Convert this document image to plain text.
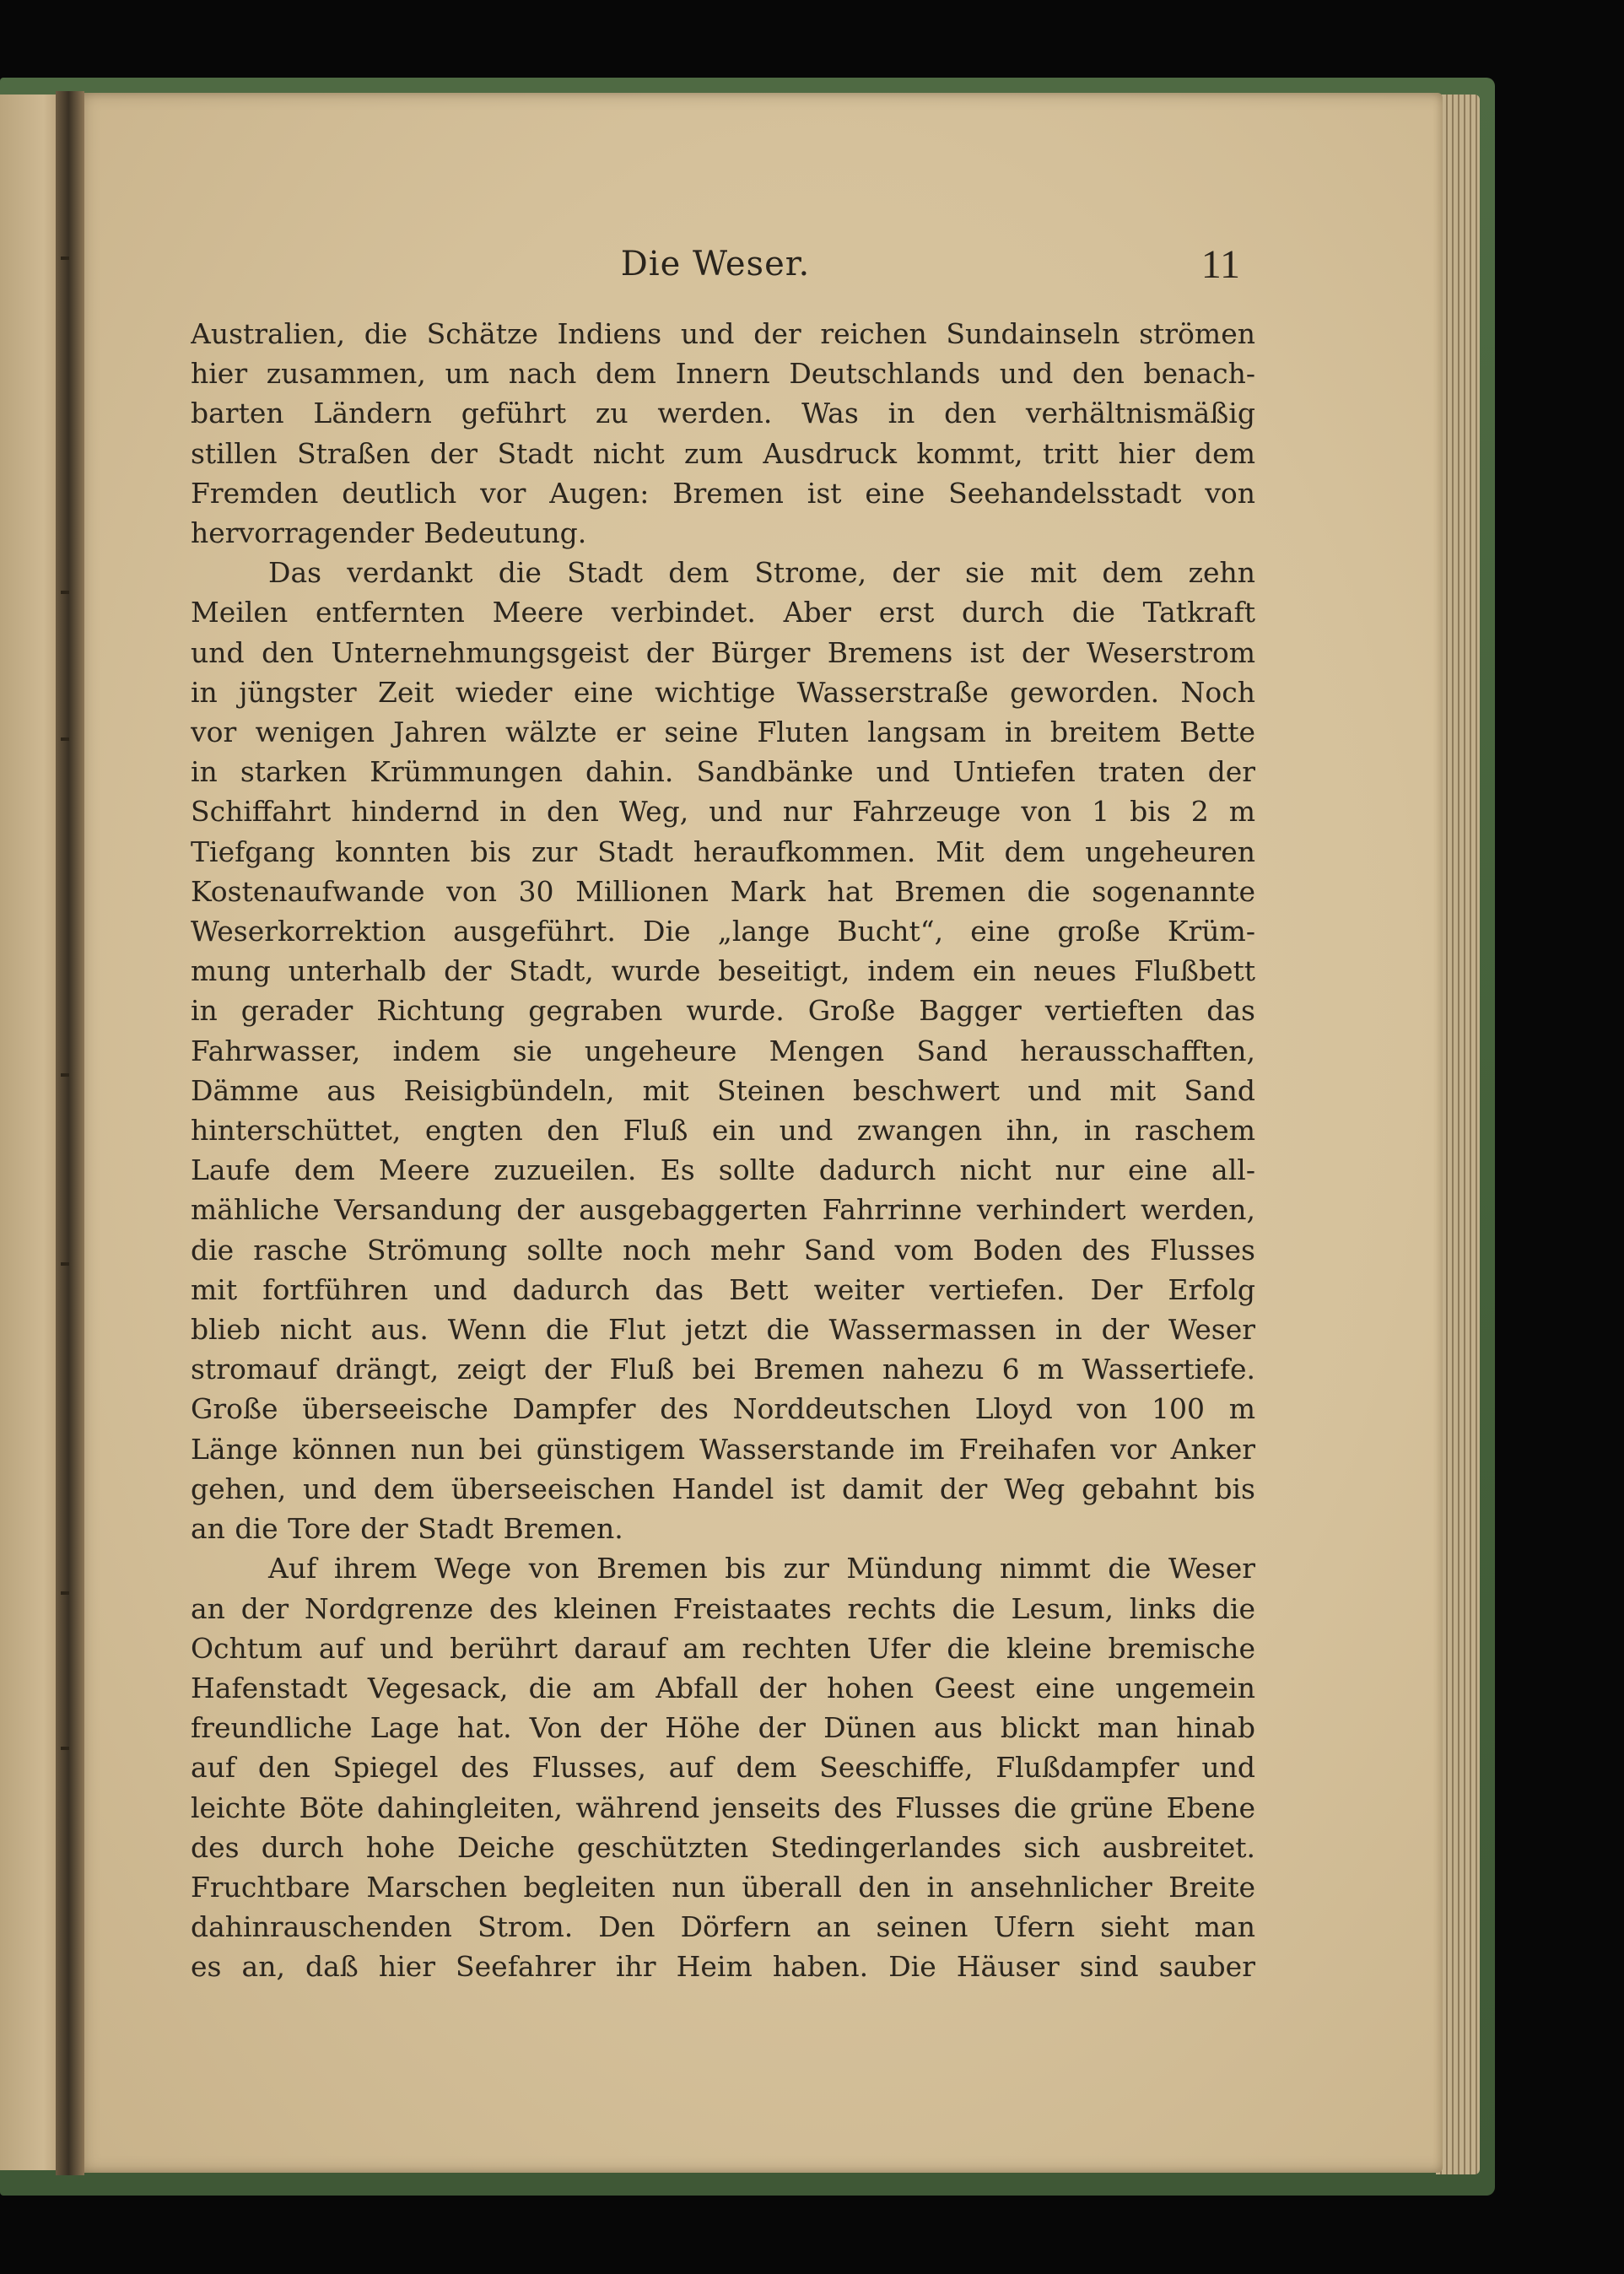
Die Weser.	11
Australien, die Schätze Indiens und der reichen Sundainseln strömen
hier zusammen, um nach dem Innern Deutschlands und den benach-
barten Ländern geführt zu werden. Was in den verhältnismäßig
stillen Straßen der Stadt nicht zum Ausdruck kommt, tritt hier dem
Fremden deutlich vor Augen: Bremen ist eine Seehandelsstadt von
hervorragender Bedeutung.
Das verdankt die Stadt dem Strome, der sie mit dem zehn
Meilen entfernten Meere verbindet. Aber erst durch die Tatkraft
und den Unternehmungsgeist der Bürger Bremens ist der Weserstrom
in jüngster Zeit wieder eine wichtige Wasserstraße geworden. Noch
vor wenigen Jahren wälzte er seine Fluten langsam in breitem Bette
in starken Krümmungen dahin. Sandbänke und Untiefen traten der
Schiffahrt hindernd in den Weg, und nur Fahrzeuge von 1 bis 2 m
Tiefgang konnten bis zur Stadt heraufkommen. Mit dem ungeheuren
Kostenaufwande von 30 Millionen Mark hat Bremen die sogenannte
Weserkorrektion ausgeführt. Die „lange Bucht“, eine große Krüm-
mung unterhalb der Stadt, wurde beseitigt, indem ein neues Flußbett
in gerader Richtung gegraben wurde. Große Bagger vertieften das
Fahrwasser, indem sie ungeheure Mengen Sand herausschafften,
Dämme aus Reisigbündeln, mit Steinen beschwert und mit Sand
hinterschüttet, engten den Fluß ein und zwangen ihn, in raschem
Laufe dem Meere zuzueilen. Es sollte dadurch nicht nur eine all-
mähliche Versandung der ausgebaggerten Fahrrinne verhindert werden,
die rasche Strömung sollte noch mehr Sand vom Boden des Flusses
mit fortführen und dadurch das Bett weiter vertiefen. Der Erfolg
blieb nicht aus. Wenn die Flut jetzt die Wassermassen in der Weser
stromauf drängt, zeigt der Fluß bei Bremen nahezu 6 m Wassertiefe.
Große überseeische Dampfer des Norddeutschen Lloyd von 100 m
Länge können nun bei günstigem Wasserstande im Freihafen vor Anker
gehen, und dem überseeischen Handel ist damit der Weg gebahnt bis
an die Tore der Stadt Bremen.
Auf ihrem Wege von Bremen bis zur Mündung nimmt die Weser
an der Nordgrenze des kleinen Freistaates rechts die Lesum, links die
Ochtum auf und berührt darauf am rechten Ufer die kleine bremische
Hafenstadt Vegesack, die am Abfall der hohen Geest eine ungemein
freundliche Lage hat. Von der Höhe der Dünen aus blickt man hinab
auf den Spiegel des Flusses, auf dem Seeschiffe, Flußdampfer und
leichte Böte dahingleiten, während jenseits des Flusses die grüne Ebene
des durch hohe Deiche geschützten Stedingerlandes sich ausbreitet.
Fruchtbare Marschen begleiten nun überall den in ansehnlicher Breite
dahinrauschenden Strom. Den Dörfern an seinen Ufern sieht man
es an, daß hier Seefahrer ihr Heim haben. Die Häuser sind sauber
